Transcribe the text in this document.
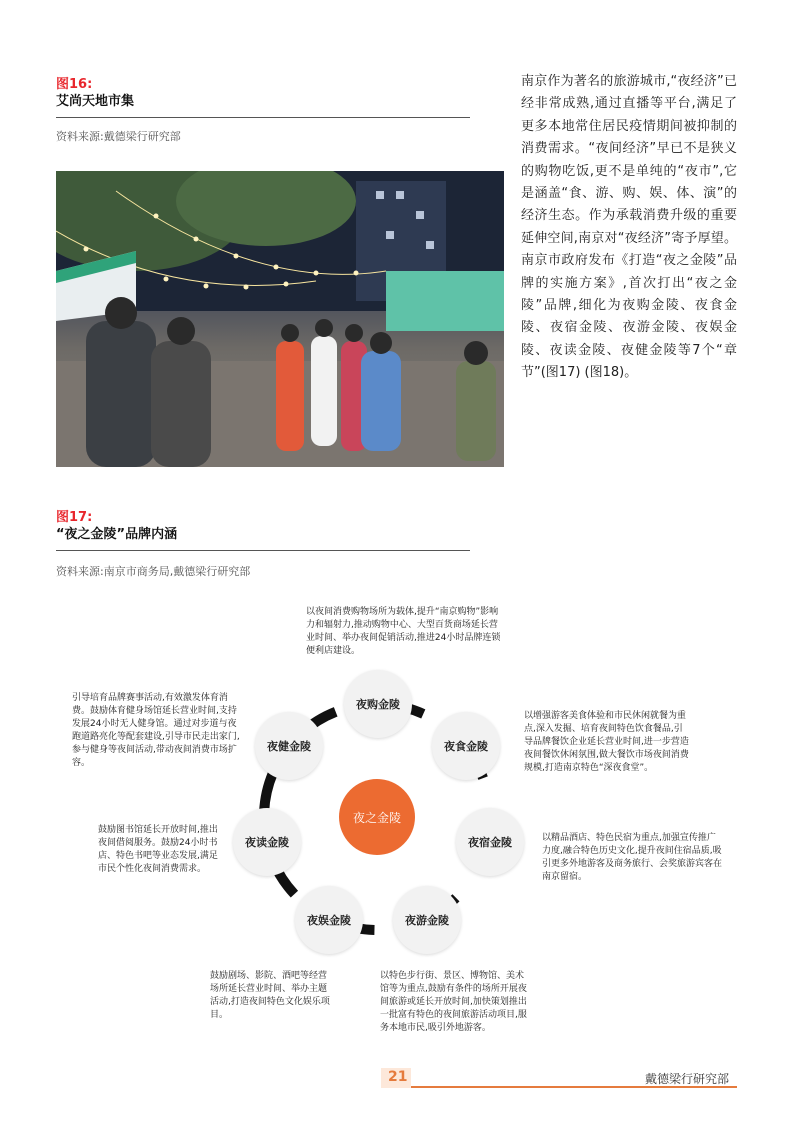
图16:
艾尚天地市集
资料来源:戴德梁行研究部
南京作为著名的旅游城市,“夜经济”已经非常成熟,通过直播等平台,满足了更多本地常住居民疫情期间被抑制的消费需求。“夜间经济”早已不是狭义的购物吃饭,更不是单纯的“夜市”,它是涵盖“食、游、购、娱、体、演”的经济生态。作为承载消费升级的重要延伸空间,南京对“夜经济”寄予厚望。南京市政府发布《打造“夜之金陵”品牌的实施方案》,首次打出“夜之金陵”品牌,细化为夜购金陵、夜食金陵、夜宿金陵、夜游金陵、夜娱金陵、夜读金陵、夜健金陵等7个“章节”(图17) (图18)。
图17:
“夜之金陵”品牌内涵
资料来源:南京市商务局,戴德梁行研究部
夜之金陵
夜购金陵
夜食金陵
夜宿金陵
夜游金陵
夜娱金陵
夜读金陵
夜健金陵
以夜间消费购物场所为载体,提升“南京购物”影响力和辐射力,推动购物中心、大型百货商场延长营业时间、举办夜间促销活动,推进24小时品牌连锁便利店建设。
以增强游客美食体验和市民休闲就餐为重点,深入发掘、培育夜间特色饮食餐品,引导品牌餐饮企业延长营业时间,进一步营造夜间餐饮休闲氛围,做大餐饮市场夜间消费规模,打造南京特色“深夜食堂”。
以精品酒店、特色民宿为重点,加强宣传推广力度,融合特色历史文化,提升夜间住宿品质,吸引更多外地游客及商务旅行、会奖旅游宾客在南京留宿。
以特色步行街、景区、博物馆、美术馆等为重点,鼓励有条件的场所开展夜间旅游或延长开放时间,加快策划推出一批富有特色的夜间旅游活动项目,服务本地市民,吸引外地游客。
鼓励剧场、影院、酒吧等经营场所延长营业时间、举办主题活动,打造夜间特色文化娱乐项目。
鼓励图书馆延长开放时间,推出夜间借阅服务。鼓励24小时书店、特色书吧等业态发展,满足市民个性化夜间消费需求。
引导培育品牌赛事活动,有效激发体育消费。鼓励体育健身场馆延长营业时间,支持发展24小时无人健身馆。通过对步道与夜跑道路亮化等配套建设,引导市民走出家门,参与健身等夜间活动,带动夜间消费市场扩容。
21	戴德梁行研究部
